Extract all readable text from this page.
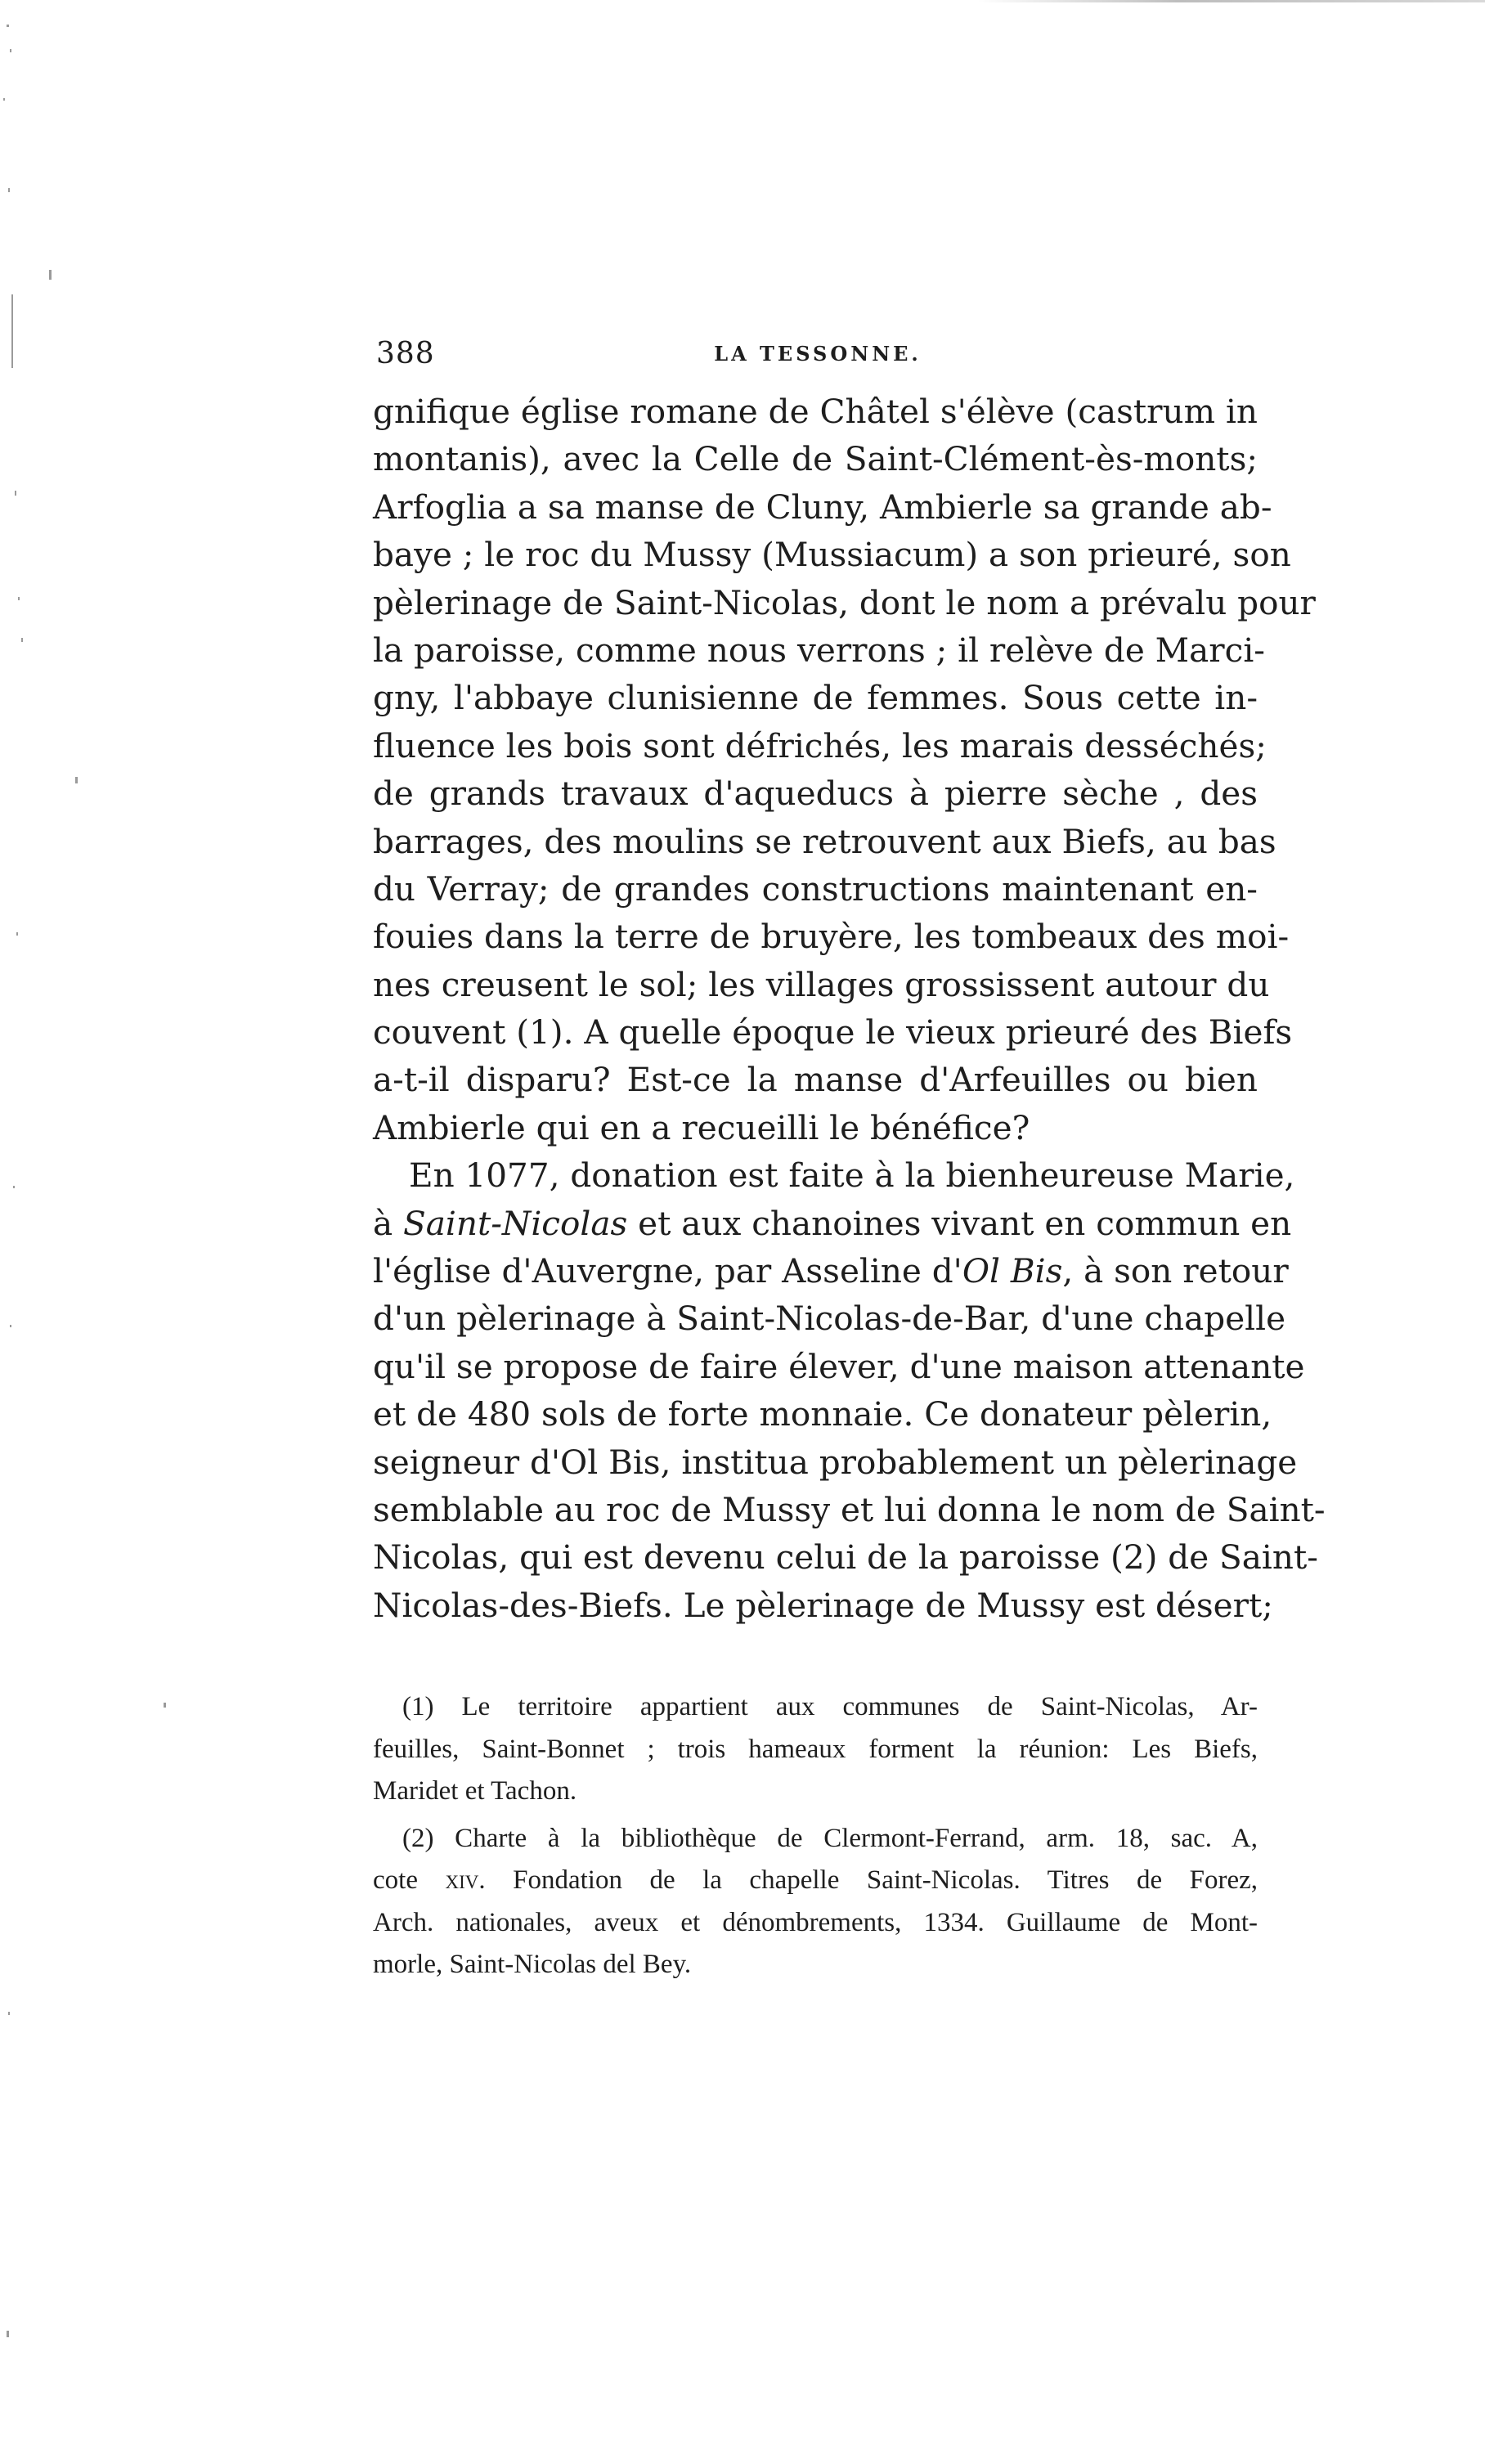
388	LA TESSONNE.
gnifique église romane de Châtel s'élève (castrum in
montanis), avec la Celle de Saint-Clément-ès-monts;
Arfoglia a sa manse de Cluny, Ambierle sa grande ab-
baye ; le roc du Mussy (Mussiacum) a son prieuré, son
pèlerinage de Saint-Nicolas, dont le nom a prévalu pour
la paroisse, comme nous verrons ; il relève de Marci-
gny, l'abbaye clunisienne de femmes. Sous cette in-
fluence les bois sont défrichés, les marais desséchés;
de grands travaux d'aqueducs à pierre sèche , des
barrages, des moulins se retrouvent aux Biefs, au bas
du Verray; de grandes constructions maintenant en-
fouies dans la terre de bruyère, les tombeaux des moi-
nes creusent le sol; les villages grossissent autour du
couvent (1). A quelle époque le vieux prieuré des Biefs
a-t-il disparu? Est-ce la manse d'Arfeuilles ou bien
Ambierle qui en a recueilli le bénéfice?
En 1077, donation est faite à la bienheureuse Marie,
à Saint-Nicolas et aux chanoines vivant en commun en
l'église d'Auvergne, par Asseline d'Ol Bis, à son retour
d'un pèlerinage à Saint-Nicolas-de-Bar, d'une chapelle
qu'il se propose de faire élever, d'une maison attenante
et de 480 sols de forte monnaie. Ce donateur pèlerin,
seigneur d'Ol Bis, institua probablement un pèlerinage
semblable au roc de Mussy et lui donna le nom de Saint-
Nicolas, qui est devenu celui de la paroisse (2) de Saint-
Nicolas-des-Biefs. Le pèlerinage de Mussy est désert;
(1) Le territoire appartient aux communes de Saint-Nicolas, Ar-
feuilles, Saint-Bonnet ; trois hameaux forment la réunion: Les Biefs,
Maridet et Tachon.
(2) Charte à la bibliothèque de Clermont-Ferrand, arm. 18, sac. A,
cote xiv. Fondation de la chapelle Saint-Nicolas. Titres de Forez,
Arch. nationales, aveux et dénombrements, 1334. Guillaume de Mont-
morle, Saint-Nicolas del Bey.
